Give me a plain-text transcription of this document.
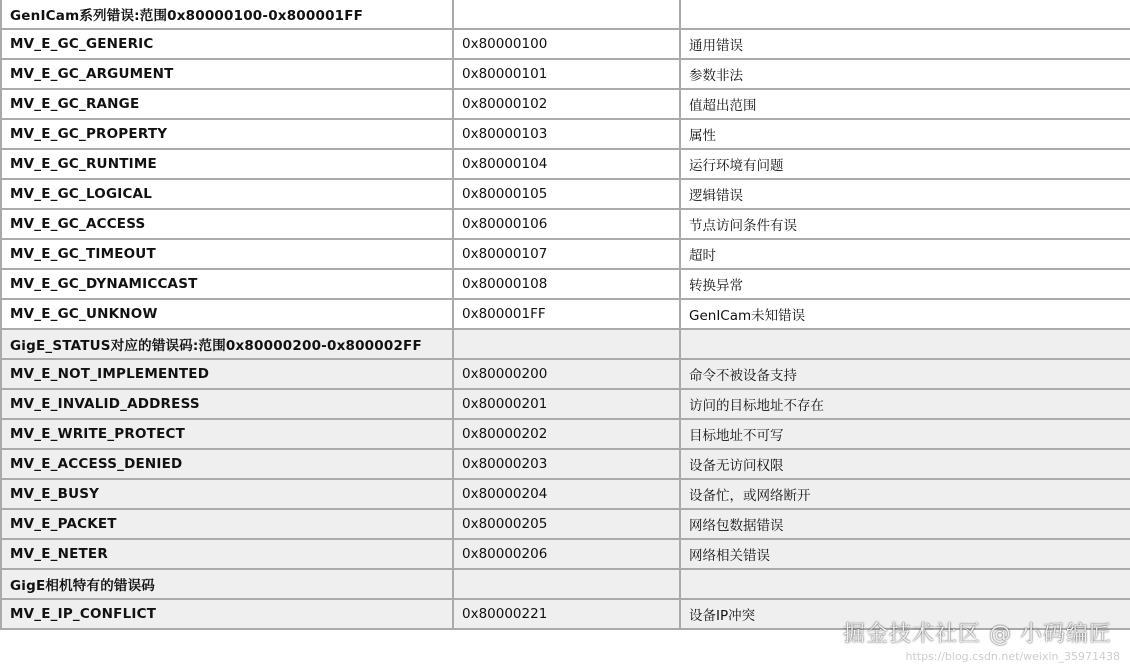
GenICam系列错误:范围0x80000100-0x800001FF		
MV_E_GC_GENERIC	0x80000100	通用错误
MV_E_GC_ARGUMENT	0x80000101	参数非法
MV_E_GC_RANGE	0x80000102	值超出范围
MV_E_GC_PROPERTY	0x80000103	属性
MV_E_GC_RUNTIME	0x80000104	运行环境有问题
MV_E_GC_LOGICAL	0x80000105	逻辑错误
MV_E_GC_ACCESS	0x80000106	节点访问条件有误
MV_E_GC_TIMEOUT	0x80000107	超时
MV_E_GC_DYNAMICCAST	0x80000108	转换异常
MV_E_GC_UNKNOW	0x800001FF	GenICam未知错误
GigE_STATUS对应的错误码:范围0x80000200-0x800002FF		
MV_E_NOT_IMPLEMENTED	0x80000200	命令不被设备支持
MV_E_INVALID_ADDRESS	0x80000201	访问的目标地址不存在
MV_E_WRITE_PROTECT	0x80000202	目标地址不可写
MV_E_ACCESS_DENIED	0x80000203	设备无访问权限
MV_E_BUSY	0x80000204	设备忙，或网络断开
MV_E_PACKET	0x80000205	网络包数据错误
MV_E_NETER	0x80000206	网络相关错误
GigE相机特有的错误码		
MV_E_IP_CONFLICT	0x80000221	设备IP冲突
掘金技术社区 @ 小码编匠
https://blog.csdn.net/weixin_35971438
